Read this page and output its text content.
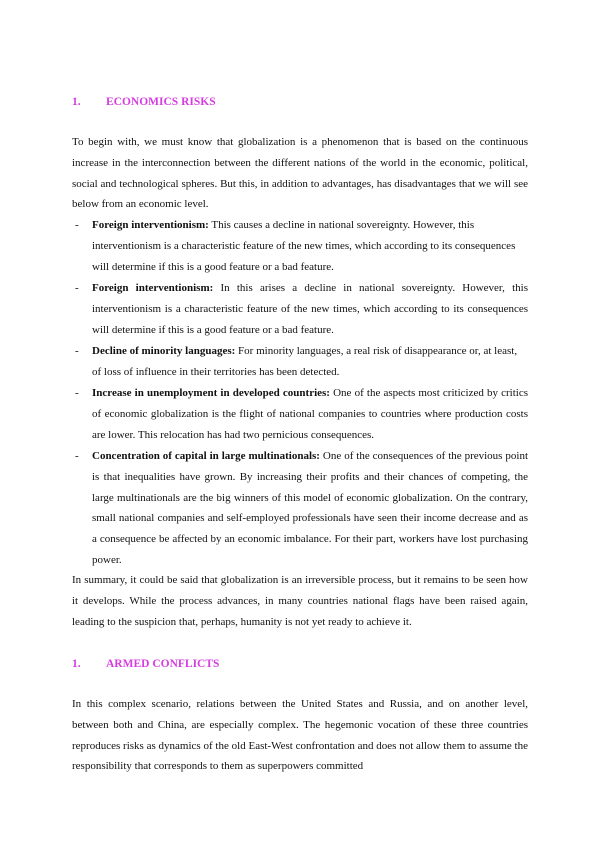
1. ECONOMICS RISKS

To begin with, we must know that globalization is a phenomenon that is based on the continuous increase in the interconnection between the different nations of the world in the economic, political, social and technological spheres. But this, in addition to advantages, has disadvantages that we will see below from an economic level.

- Foreign interventionism: This causes a decline in national sovereignty. However, this interventionism is a characteristic feature of the new times, which according to its consequences will determine if this is a good feature or a bad feature.

- Foreign interventionism: In this arises a decline in national sovereignty. However, this interventionism is a characteristic feature of the new times, which according to its consequences will determine if this is a good feature or a bad feature.

- Decline of minority languages: For minority languages, a real risk of disappearance or, at least, of loss of influence in their territories has been detected.

- Increase in unemployment in developed countries: One of the aspects most criticized by critics of economic globalization is the flight of national companies to countries where production costs are lower. This relocation has had two pernicious consequences.

- Concentration of capital in large multinationals: One of the consequences of the previous point is that inequalities have grown. By increasing their profits and their chances of competing, the large multinationals are the big winners of this model of economic globalization. On the contrary, small national companies and self-employed professionals have seen their income decrease and as a consequence be affected by an economic imbalance. For their part, workers have lost purchasing power.

In summary, it could be said that globalization is an irreversible process, but it remains to be seen how it develops. While the process advances, in many countries national flags have been raised again, leading to the suspicion that, perhaps, humanity is not yet ready to achieve it.

1. ARMED CONFLICTS

In this complex scenario, relations between the United States and Russia, and on another level, between both and China, are especially complex. The hegemonic vocation of these three countries reproduces risks as dynamics of the old East-West confrontation and does not allow them to assume the responsibility that corresponds to them as superpowers committed
